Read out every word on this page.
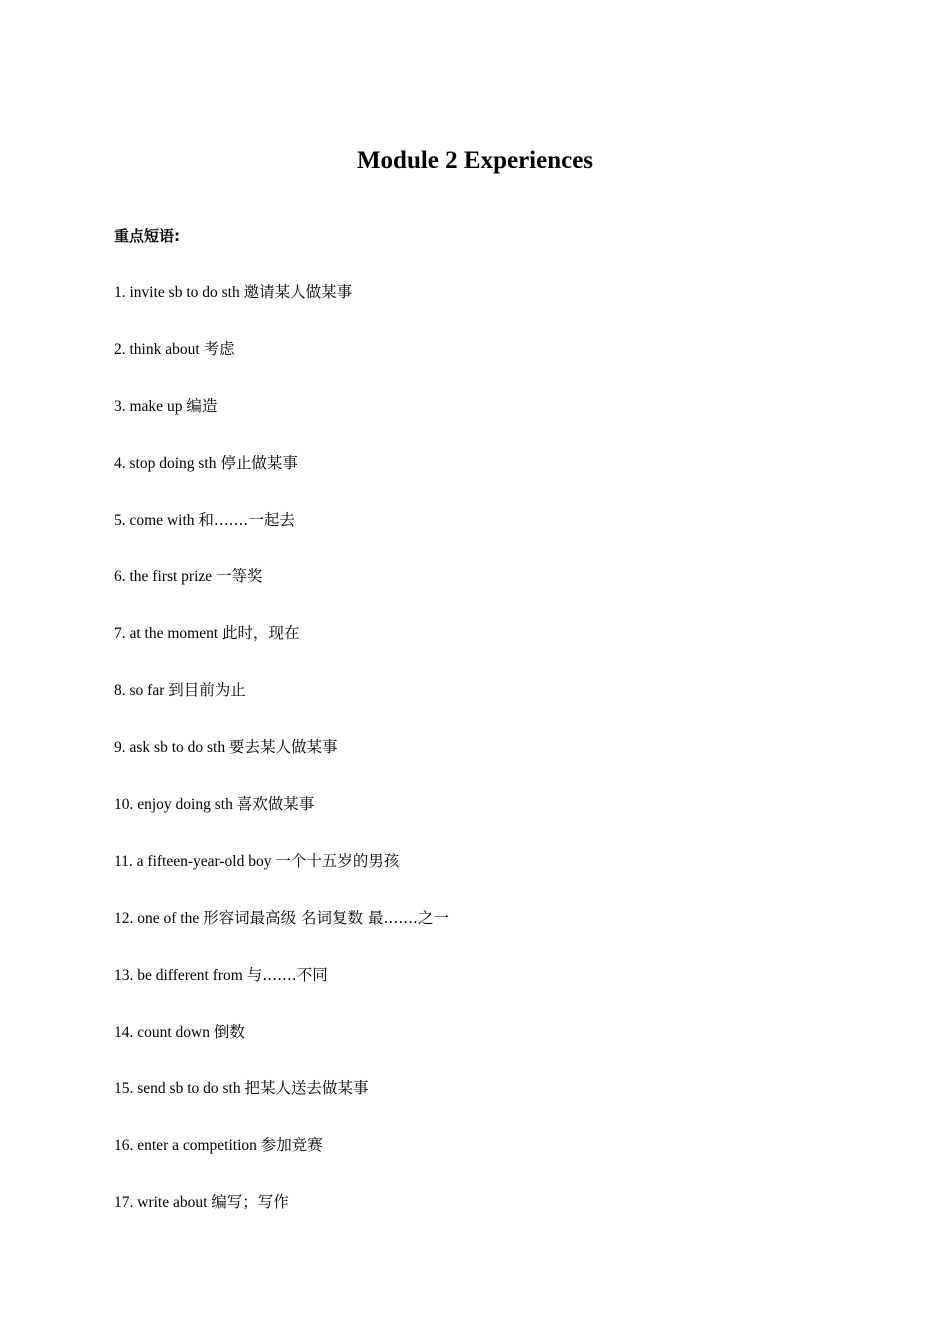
Module 2 Experiences
重点短语:
1. invite sb to do sth 邀请某人做某事
2. think about 考虑
3. make up 编造
4. stop doing sth 停止做某事
5. come with 和.......一起去
6. the first prize 一等奖
7. at the moment 此时，现在
8. so far 到目前为止
9. ask sb to do sth 要去某人做某事
10. enjoy doing sth 喜欢做某事
11. a fifteen-year-old boy 一个十五岁的男孩
12. one of the 形容词最高级 名词复数 最.......之一
13. be different from 与.......不同
14. count down 倒数
15. send sb to do sth 把某人送去做某事
16. enter a competition 参加竞赛
17. write about 编写；写作
